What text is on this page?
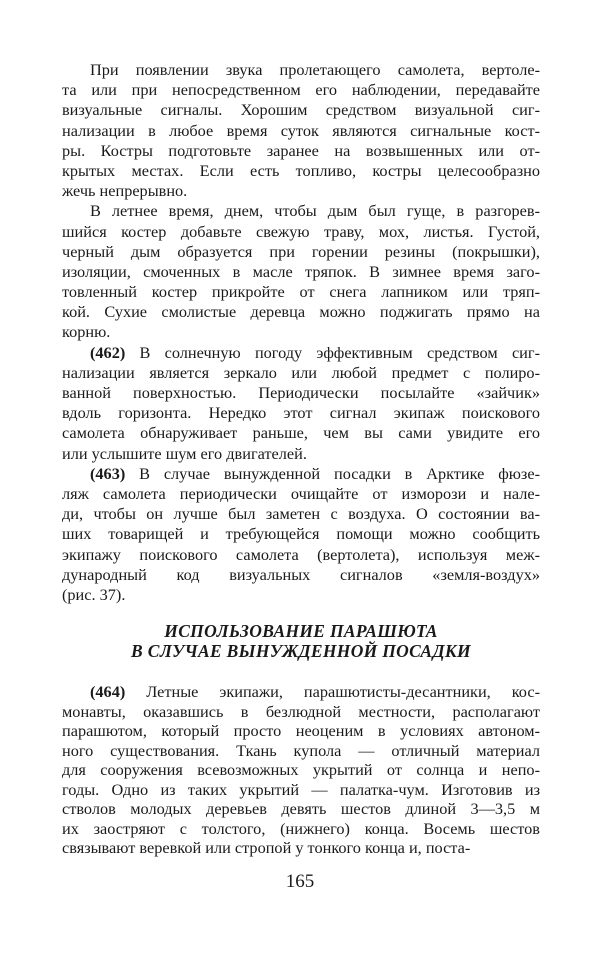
При появлении звука пролетающего самолета, вертоле-
та или при непосредственном его наблюдении, передавайте
визуальные сигналы. Хорошим средством визуальной сиг-
нализации в любое время суток являются сигнальные кост-
ры. Костры подготовьте заранее на возвышенных или от-
крытых местах. Если есть топливо, костры целесообразно
жечь непрерывно.
В летнее время, днем, чтобы дым был гуще, в разгорев-
шийся костер добавьте свежую траву, мох, листья. Густой,
черный дым образуется при горении резины (покрышки),
изоляции, смоченных в масле тряпок. В зимнее время заго-
товленный костер прикройте от снега лапником или тряп-
кой. Сухие смолистые деревца можно поджигать прямо на
корню.
(462) В солнечную погоду эффективным средством сиг-
нализации является зеркало или любой предмет с полиро-
ванной поверхностью. Периодически посылайте «зайчик»
вдоль горизонта. Нередко этот сигнал экипаж поискового
самолета обнаруживает раньше, чем вы сами увидите его
или услышите шум его двигателей.
(463) В случае вынужденной посадки в Арктике фюзе-
ляж самолета периодически очищайте от изморози и нале-
ди, чтобы он лучше был заметен с воздуха. О состоянии ва-
ших товарищей и требующейся помощи можно сообщить
экипажу поискового самолета (вертолета), используя меж-
дународный код визуальных сигналов «земля-воздух»
(рис. 37).
ИСПОЛЬЗОВАНИЕ ПАРАШЮТА
В СЛУЧАЕ ВЫНУЖДЕННОЙ ПОСАДКИ
(464) Летные экипажи, парашютисты-десантники, кос-
монавты, оказавшись в безлюдной местности, располагают
парашютом, который просто неоценим в условиях автоном-
ного существования. Ткань купола — отличный материал
для сооружения всевозможных укрытий от солнца и непо-
годы. Одно из таких укрытий — палатка-чум. Изготовив из
стволов молодых деревьев девять шестов длиной 3—3,5 м
их заостряют с толстого, (нижнего) конца. Восемь шестов
связывают веревкой или стропой у тонкого конца и, поста-
165
